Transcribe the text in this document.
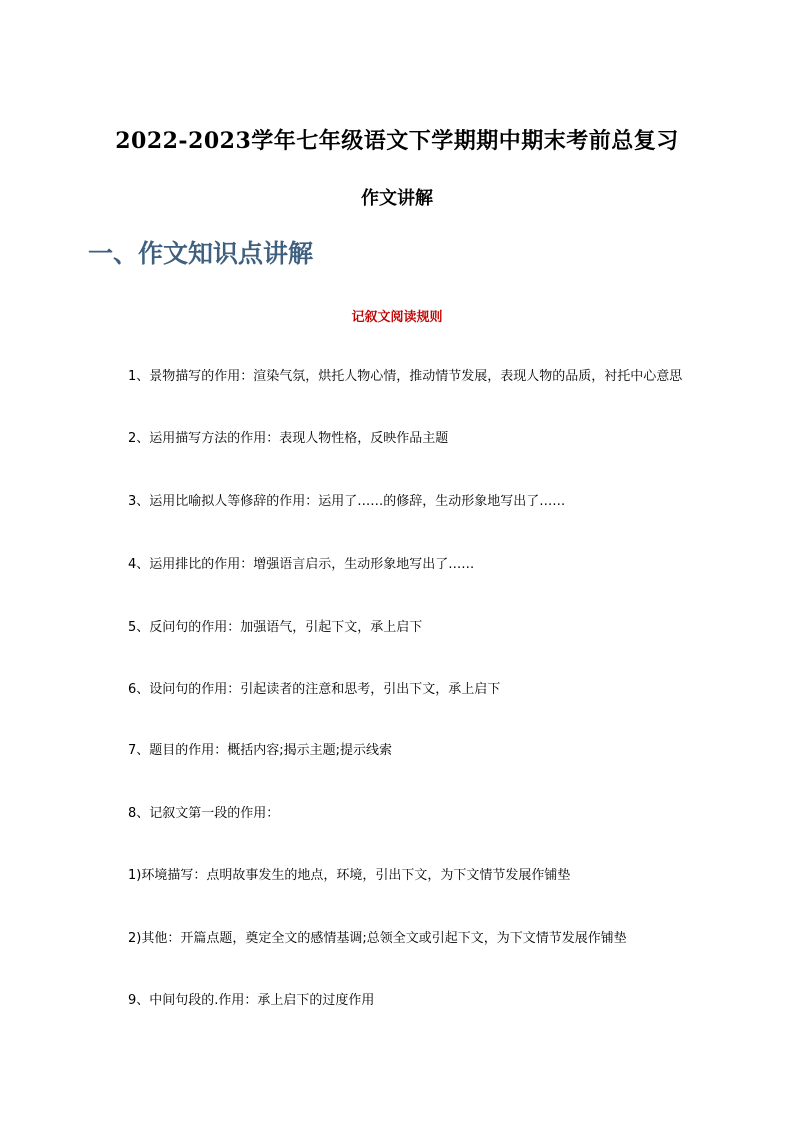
2022-2023学年七年级语文下学期期中期末考前总复习
作文讲解
一、作文知识点讲解
记叙文阅读规则
1、景物描写的作用：渲染气氛，烘托人物心情，推动情节发展，表现人物的品质，衬托中心意思
2、运用描写方法的作用：表现人物性格，反映作品主题
3、运用比喻拟人等修辞的作用：运用了……的修辞，生动形象地写出了……
4、运用排比的作用：增强语言启示，生动形象地写出了……
5、反问句的作用：加强语气，引起下文，承上启下
6、设问句的作用：引起读者的注意和思考，引出下文，承上启下
7、题目的作用：概括内容;揭示主题;提示线索
8、记叙文第一段的作用：
1)环境描写：点明故事发生的地点，环境，引出下文，为下文情节发展作铺垫
2)其他：开篇点题，奠定全文的感情基调;总领全文或引起下文，为下文情节发展作铺垫
9、中间句段的.作用：承上启下的过度作用
